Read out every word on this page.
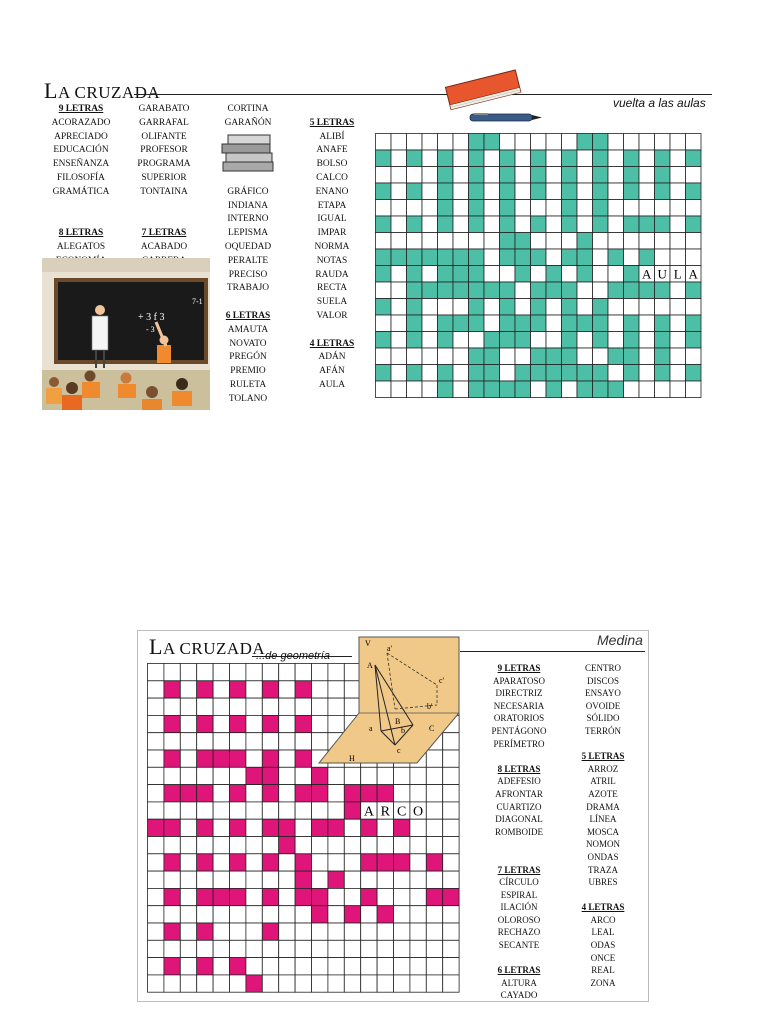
LA CRUZADA
vuelta a las aulas
9 LETRAS
ACORAZADO
APRECIADO
EDUCACIÓN
ENSEÑANZA
FILOSOFÍA
GRAMÁTICA
8 LETRAS
ALEGATOS
GARABATO
GARRAFAL
OLIFANTE
PROFESOR
PROGRAMA
SUPERIOR
TONTAINA
7 LETRAS
ACABADO
CORTINA
GARAÑÓN
GRÁFICO
INDIANA
INTERNO
LEPISMA
OQUEDAD
PERALTE
PRECISO
TRABAJO
6 LETRAS
AMAUTA
NOVATO
PREGÓN
PREMIO
RULETA
TOLANO
5 LETRAS
ALIBÍ
ANAFE
BOLSO
CALCO
ENANO
ETAPA
IGUAL
IMPAR
NORMA
NOTAS
RAUDA
RECTA
SUELA
VALOR
4 LETRAS
ADÁN
AFÁN
AULA
+ 3 f 3
- 3
7-1
A U L A
LA CRUZADA
...de geometría
Medina
A R C O
V
a'
A
b
B
C
H
a
b'
c
c'
9 LETRAS
APARATOSO
DIRECTRIZ
NECESARIA
ORATORIOS
PENTÁGONO
PERÍMETRO
8 LETRAS
ADEFESIO
AFRONTAR
CUARTIZO
DIAGONAL
ROMBOIDE
7 LETRAS
CÍRCULO
ESPIRAL
ILACIÓN
OLOROSO
RECHAZO
SECANTE
6 LETRAS
ALTURA
CAYADO
CENTRO
DISCOS
ENSAYO
OVOIDE
SÓLIDO
TERRÓN
5 LETRAS
ARROZ
ATRIL
AZOTE
DRAMA
LÍNEA
MOSCA
NOMON
ONDAS
TRAZA
UBRES
4 LETRAS
ARCO
LEAL
ODAS
ONCE
REAL
ZONA
